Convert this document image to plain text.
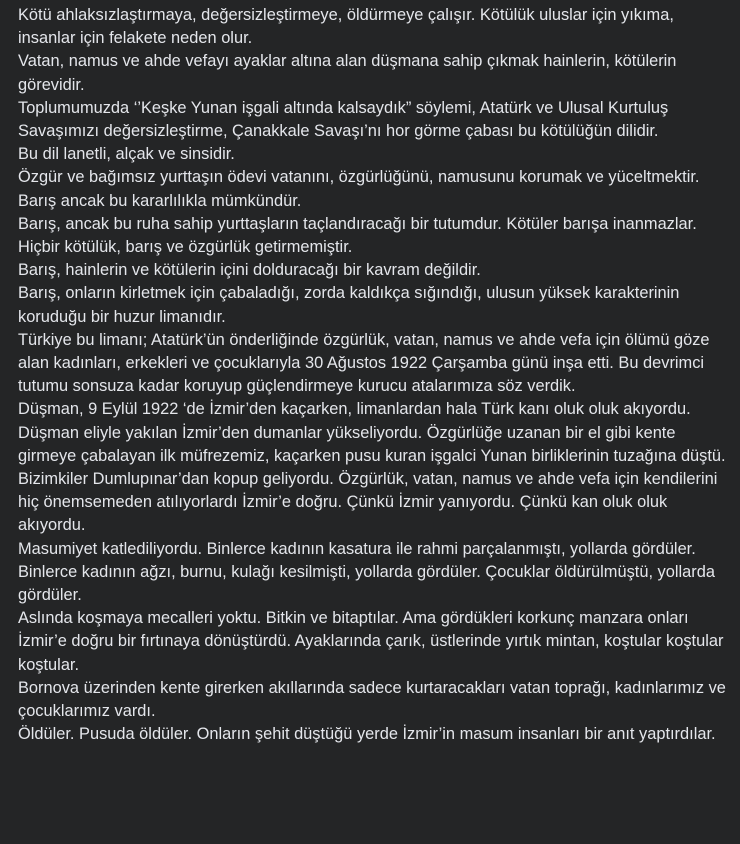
Kötü ahlaksızlaştırmaya, değersizleştirmeye, öldürmeye çalışır. Kötülük uluslar için yıkıma, insanlar için felakete neden olur.

Vatan, namus ve ahde vefayı ayaklar altına alan düşmana sahip çıkmak hainlerin, kötülerin görevidir.

Toplumumuzda ‘’Keşke Yunan işgali altında kalsaydık” söylemi, Atatürk ve Ulusal Kurtuluş Savaşımızı değersizleştirme, Çanakkale Savaşı’nı hor görme çabası bu kötülüğün dilidir.

Bu dil lanetli, alçak ve sinsidir.

Özgür ve bağımsız yurttaşın ödevi vatanını, özgürlüğünü, namusunu korumak ve yüceltmektir.

Barış ancak bu kararlılıkla mümkündür.

Barış, ancak bu ruha sahip yurttaşların taçlandıracağı bir tutumdur. Kötüler barışa inanmazlar.

Hiçbir kötülük, barış ve özgürlük getirmemiştir.

Barış, hainlerin ve kötülerin içini dolduracağı bir kavram değildir.

Barış, onların kirletmek için çabaladığı, zorda kaldıkça sığındığı, ulusun yüksek karakterinin koruduğu bir huzur limanıdır.

Türkiye bu limanı; Atatürk’ün önderliğinde özgürlük, vatan, namus ve ahde vefa için ölümü göze alan kadınları, erkekleri ve çocuklarıyla 30 Ağustos 1922 Çarşamba günü inşa etti. Bu devrimci tutumu sonsuza kadar koruyup güçlendirmeye kurucu atalarımıza söz verdik.

Düşman, 9 Eylül 1922 ‘de İzmir’den kaçarken, limanlardan hala Türk kanı oluk oluk akıyordu. Düşman eliyle yakılan İzmir’den dumanlar yükseliyordu. Özgürlüğe uzanan bir el gibi kente girmeye çabalayan ilk müfrezemiz, kaçarken pusu kuran işgalci Yunan birliklerinin tuzağına düştü.

Bizimkiler Dumlupınar’dan kopup geliyordu. Özgürlük, vatan, namus ve ahde vefa için kendilerini hiç önemsemeden atılıyorlardı İzmir’e doğru. Çünkü İzmir yanıyordu. Çünkü kan oluk oluk akıyordu.

Masumiyet katlediliyordu. Binlerce kadının kasatura ile rahmi parçalanmıştı, yollarda gördüler. Binlerce kadının ağzı, burnu, kulağı kesilmişti, yollarda gördüler. Çocuklar öldürülmüştü, yollarda gördüler.

Aslında koşmaya mecalleri yoktu. Bitkin ve bitaptılar. Ama gördükleri korkunç manzara onları İzmir’e doğru bir fırtınaya dönüştürdü. Ayaklarında çarık, üstlerinde yırtık mintan, koştular koştular koştular.

Bornova üzerinden kente girerken akıllarında sadece kurtaracakları vatan toprağı, kadınlarımız ve çocuklarımız vardı.

Öldüler. Pusuda öldüler. Onların şehit düştüğü yerde İzmir’in masum insanları bir anıt yaptırdılar.
